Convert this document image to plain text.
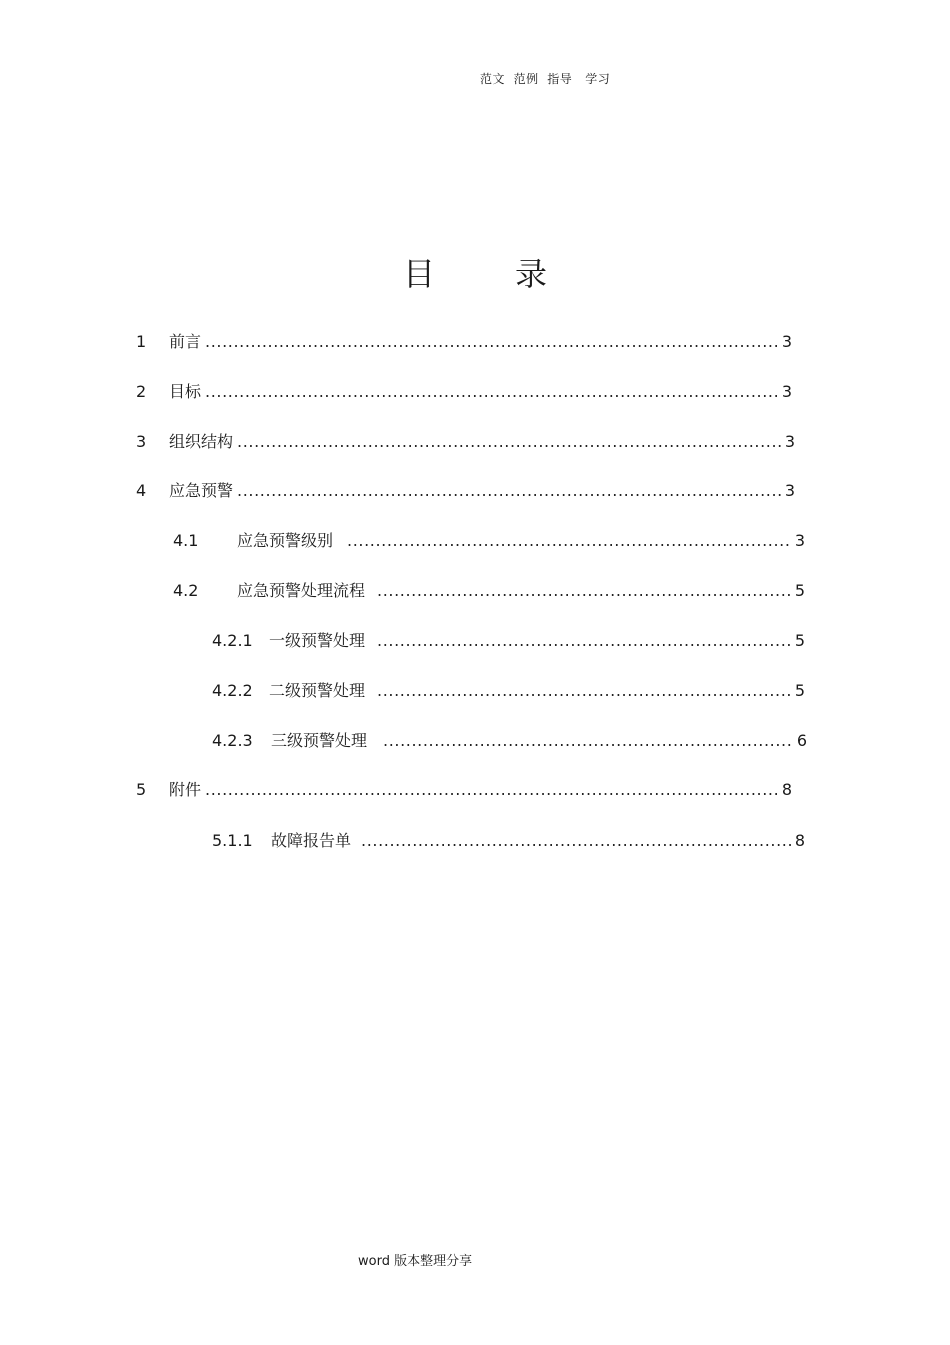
范文  范例  指导   学习
目	录
1	前言 .....	3
2	目标 .....	3
3	组织结构 .....	3
4	应急预警 .....	3
4.1	应急预警级别 .....	3
4.2	应急预警处理流程 .....	5
4.2.1	一级预警处理 .....	5
4.2.2	二级预警处理 .....	5
4.2.3	三级预警处理 .....	6
5	附件 .....	8
5.1.1	故障报告单 .....	8
word 版本整理分享
